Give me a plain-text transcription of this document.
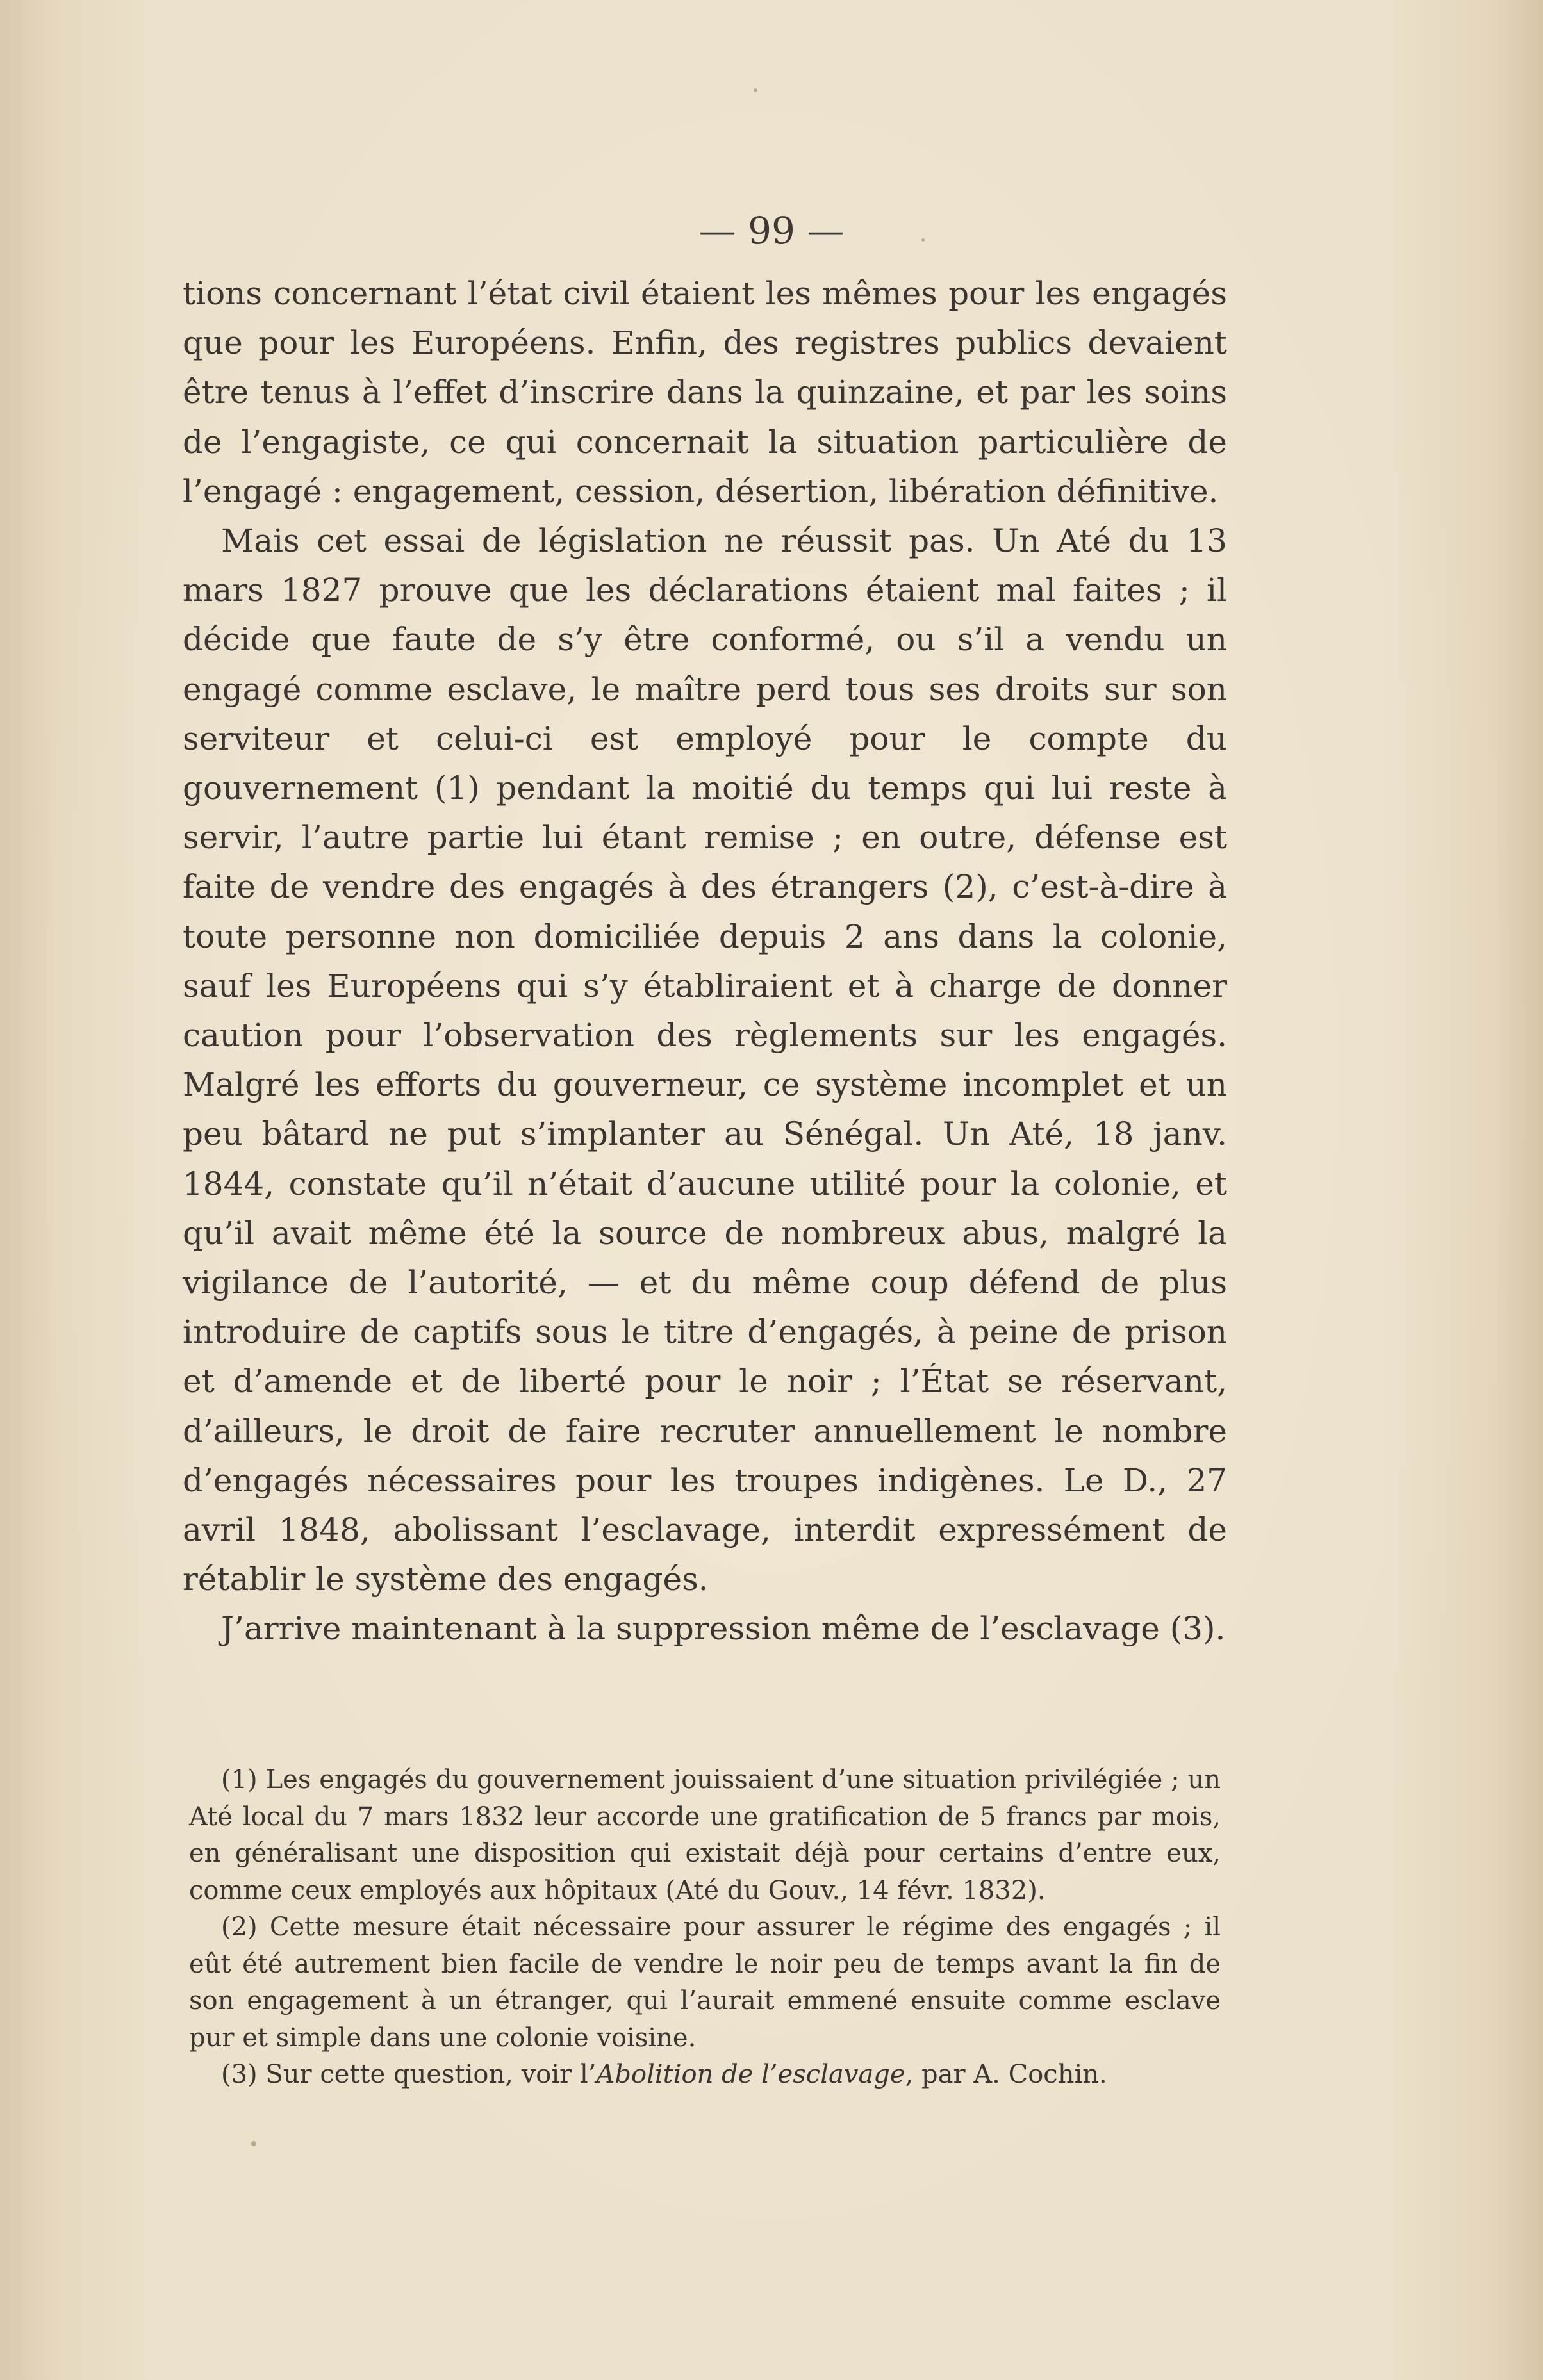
— 99 —

tions concernant l’état civil étaient les mêmes pour les engagés que pour les Européens. Enfin, des registres publics devaient être tenus à l’effet d’inscrire dans la quinzaine, et par les soins de l’engagiste, ce qui concernait la situation particulière de l’engagé : engagement, cession, désertion, libération définitive.

Mais cet essai de législation ne réussit pas. Un Até du 13 mars 1827 prouve que les déclarations étaient mal faites ; il décide que faute de s’y être conformé, ou s’il a vendu un engagé comme esclave, le maître perd tous ses droits sur son serviteur et celui-ci est employé pour le compte du gouvernement (1) pendant la moitié du temps qui lui reste à servir, l’autre partie lui étant remise ; en outre, défense est faite de vendre des engagés à des étrangers (2), c’est-à-dire à toute personne non domiciliée depuis 2 ans dans la colonie, sauf les Européens qui s’y établiraient et à charge de donner caution pour l’observation des règlements sur les engagés. Malgré les efforts du gouverneur, ce système incomplet et un peu bâtard ne put s’implanter au Sénégal. Un Até, 18 janv. 1844, constate qu’il n’était d’aucune utilité pour la colonie, et qu’il avait même été la source de nombreux abus, malgré la vigilance de l’autorité, — et du même coup défend de plus introduire de captifs sous le titre d’engagés, à peine de prison et d’amende et de liberté pour le noir ; l’État se réservant, d’ailleurs, le droit de faire recruter annuellement le nombre d’engagés nécessaires pour les troupes indigènes. Le D., 27 avril 1848, abolissant l’esclavage, interdit expressément de rétablir le système des engagés.

J’arrive maintenant à la suppression même de l’esclavage (3).

(1) Les engagés du gouvernement jouissaient d’une situation privilégiée ; un Até local du 7 mars 1832 leur accorde une gratification de 5 francs par mois, en généralisant une disposition qui existait déjà pour certains d’entre eux, comme ceux employés aux hôpitaux (Até du Gouv., 14 févr. 1832).

(2) Cette mesure était nécessaire pour assurer le régime des engagés ; il eût été autrement bien facile de vendre le noir peu de temps avant la fin de son engagement à un étranger, qui l’aurait emmené ensuite comme esclave pur et simple dans une colonie voisine.

(3) Sur cette question, voir l’Abolition de l’esclavage, par A. Cochin.
